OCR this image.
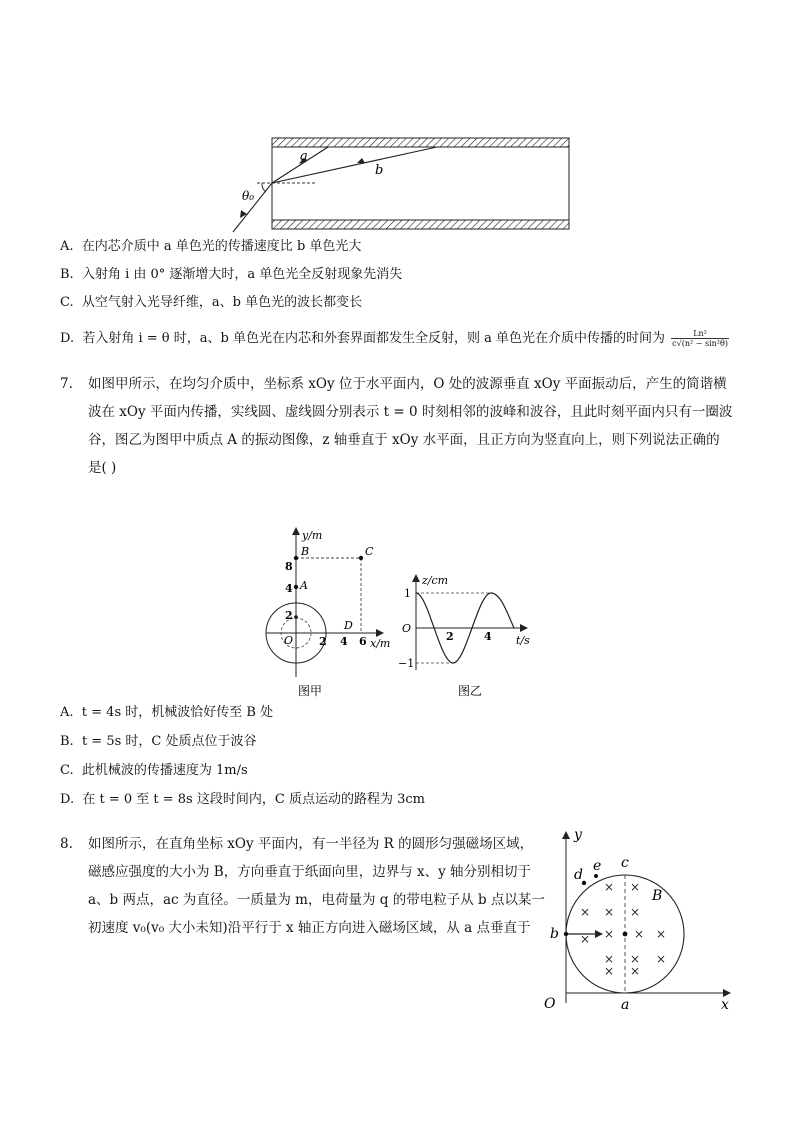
a
b
θ₀
A. 在内芯介质中 a 单色光的传播速度比 b 单色光大
B. 入射角 i 由 0° 逐渐增大时，a 单色光全反射现象先消失
C. 从空气射入光导纤维，a、b 单色光的波长都变长
D. 若入射角 i = θ 时，a、b 单色光在内芯和外套界面都发生全反射，则 a 单色光在介质中传播的时间为 $\frac{\text{Ln²}}{\text{c√(n² − sin²θ)}}$
7. 如图甲所示，在均匀介质中，坐标系 xOy 位于水平面内，O 处的波源垂直 xOy 平面振动后，产生的简谐横
波在 xOy 平面内传播，实线圆、虚线圆分别表示 t = 0 时刻相邻的波峰和波谷，且此时刻平面内只有一圈波
谷，图乙为图甲中质点 A 的振动图像，z 轴垂直于 xOy 水平面，且正方向为竖直向上，则下列说法正确的
是( )
y/m
x/m
O
8
4
2
2 4 6
A
B	C
D
图甲
z/cm
t/s
O
1
−1
2	4
图乙
A. t = 4s 时，机械波恰好传至 B 处
B. t = 5s 时，C 处质点位于波谷
C. 此机械波的传播速度为 1m/s
D. 在 t = 0 至 t = 8s 这段时间内，C 质点运动的路程为 3cm
8. 如图所示，在直角坐标 xOy 平面内，有一半径为 R 的圆形匀强磁场区域，
磁感应强度的大小为 B，方向垂直于纸面向里，边界与 x、y 轴分别相切于
a、b 两点，ac 为直径。一质量为 m，电荷量为 q 的带电粒子从 b 点以某一
初速度 v₀(v₀ 大小未知)沿平行于 x 轴正方向进入磁场区域，从 a 点垂直于
× ×
× × ×
× × ×
×
× × ×
× ×
y
x
O	a
b
c
d
e
B
